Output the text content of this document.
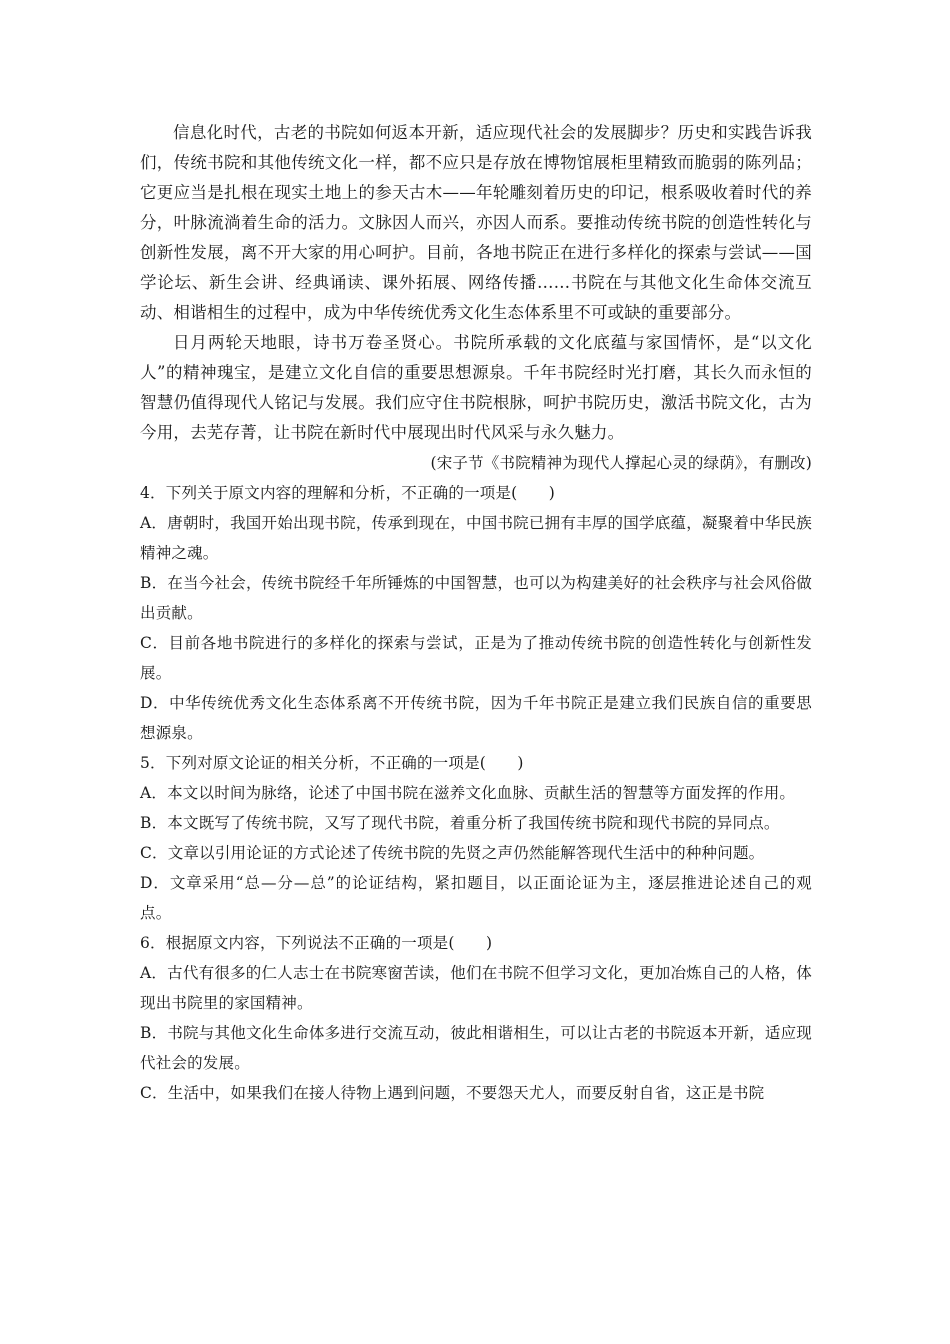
信息化时代，古老的书院如何返本开新，适应现代社会的发展脚步？历史和实践告诉我们，传统书院和其他传统文化一样，都不应只是存放在博物馆展柜里精致而脆弱的陈列品；它更应当是扎根在现实土地上的参天古木——年轮雕刻着历史的印记，根系吸收着时代的养分，叶脉流淌着生命的活力。文脉因人而兴，亦因人而系。要推动传统书院的创造性转化与创新性发展，离不开大家的用心呵护。目前，各地书院正在进行多样化的探索与尝试——国学论坛、新生会讲、经典诵读、课外拓展、网络传播……书院在与其他文化生命体交流互动、相谐相生的过程中，成为中华传统优秀文化生态体系里不可或缺的重要部分。

日月两轮天地眼，诗书万卷圣贤心。书院所承载的文化底蕴与家国情怀，是“以文化人”的精神瑰宝，是建立文化自信的重要思想源泉。千年书院经时光打磨，其长久而永恒的智慧仍值得现代人铭记与发展。我们应守住书院根脉，呵护书院历史，激活书院文化，古为今用，去芜存菁，让书院在新时代中展现出时代风采与永久魅力。

(宋子节《书院精神为现代人撑起心灵的绿荫》，有删改)

4．下列关于原文内容的理解和分析，不正确的一项是(　　)

A．唐朝时，我国开始出现书院，传承到现在，中国书院已拥有丰厚的国学底蕴，凝聚着中华民族精神之魂。

B．在当今社会，传统书院经千年所锤炼的中国智慧，也可以为构建美好的社会秩序与社会风俗做出贡献。

C．目前各地书院进行的多样化的探索与尝试，正是为了推动传统书院的创造性转化与创新性发展。

D．中华传统优秀文化生态体系离不开传统书院，因为千年书院正是建立我们民族自信的重要思想源泉。

5．下列对原文论证的相关分析，不正确的一项是(　　)

A．本文以时间为脉络，论述了中国书院在滋养文化血脉、贡献生活的智慧等方面发挥的作用。

B．本文既写了传统书院，又写了现代书院，着重分析了我国传统书院和现代书院的异同点。

C．文章以引用论证的方式论述了传统书院的先贤之声仍然能解答现代生活中的种种问题。

D．文章采用“总—分—总”的论证结构，紧扣题目，以正面论证为主，逐层推进论述自己的观点。

6．根据原文内容，下列说法不正确的一项是(　　)

A．古代有很多的仁人志士在书院寒窗苦读，他们在书院不但学习文化，更加冶炼自己的人格，体现出书院里的家国精神。

B．书院与其他文化生命体多进行交流互动，彼此相谐相生，可以让古老的书院返本开新，适应现代社会的发展。

C．生活中，如果我们在接人待物上遇到问题，不要怨天尤人，而要反射自省，这正是书院
